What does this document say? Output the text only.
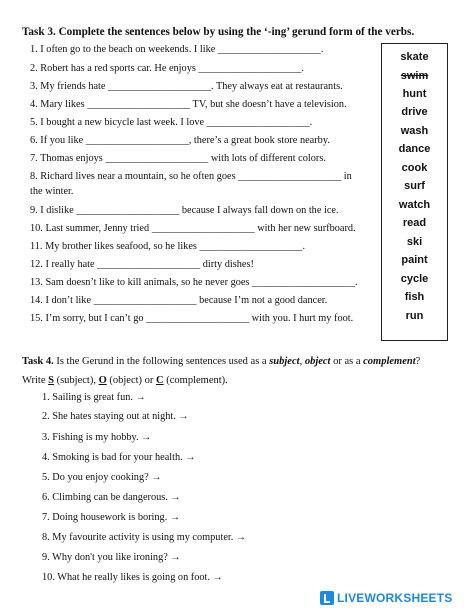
Task 3. Complete the sentences below by using the ‘-ing’ gerund form of the verbs.
1. I often go to the beach on weekends. I like ____________________.
2. Robert has a red sports car. He enjoys ____________________.
3. My friends hate ____________________. They always eat at restaurants.
4. Mary likes ____________________ TV, but she doesn’t have a television.
5. I bought a new bicycle last week. I love ____________________.
6. If you like ____________________, there’s a great book store nearby.
7. Thomas enjoys ____________________ with lots of different colors.
8. Richard lives near a mountain, so he often goes ____________________ in
the winter.
9. I dislike ____________________ because I always fall down on the ice.
10. Last summer, Jenny tried ____________________ with her new surfboard.
11. My brother likes seafood, so he likes ____________________.
12. I really hate ____________________ dirty dishes!
13. Sam doesn’t like to kill animals, so he never goes ____________________.
14. I don’t like ____________________ because I’m not a good dancer.
15. I’m sorry, but I can’t go ____________________ with you. I hurt my foot.
skate
swim
hunt
drive
wash
dance
cook
surf
watch
read
ski
paint
cycle
fish
run
Task 4. Is the Gerund in the following sentences used as a subject, object or as a complement?
Write S (subject), O (object) or C (complement).
1. Sailing is great fun. →
2. She hates staying out at night. →
3. Fishing is my hobby. →
4. Smoking is bad for your health. →
5. Do you enjoy cooking? →
6. Climbing can be dangerous. →
7. Doing housework is boring. →
8. My favourite activity is using my computer. →
9. Why don't you like ironing? →
10. What he really likes is going on foot. →
LIVEWORKSHEETS
